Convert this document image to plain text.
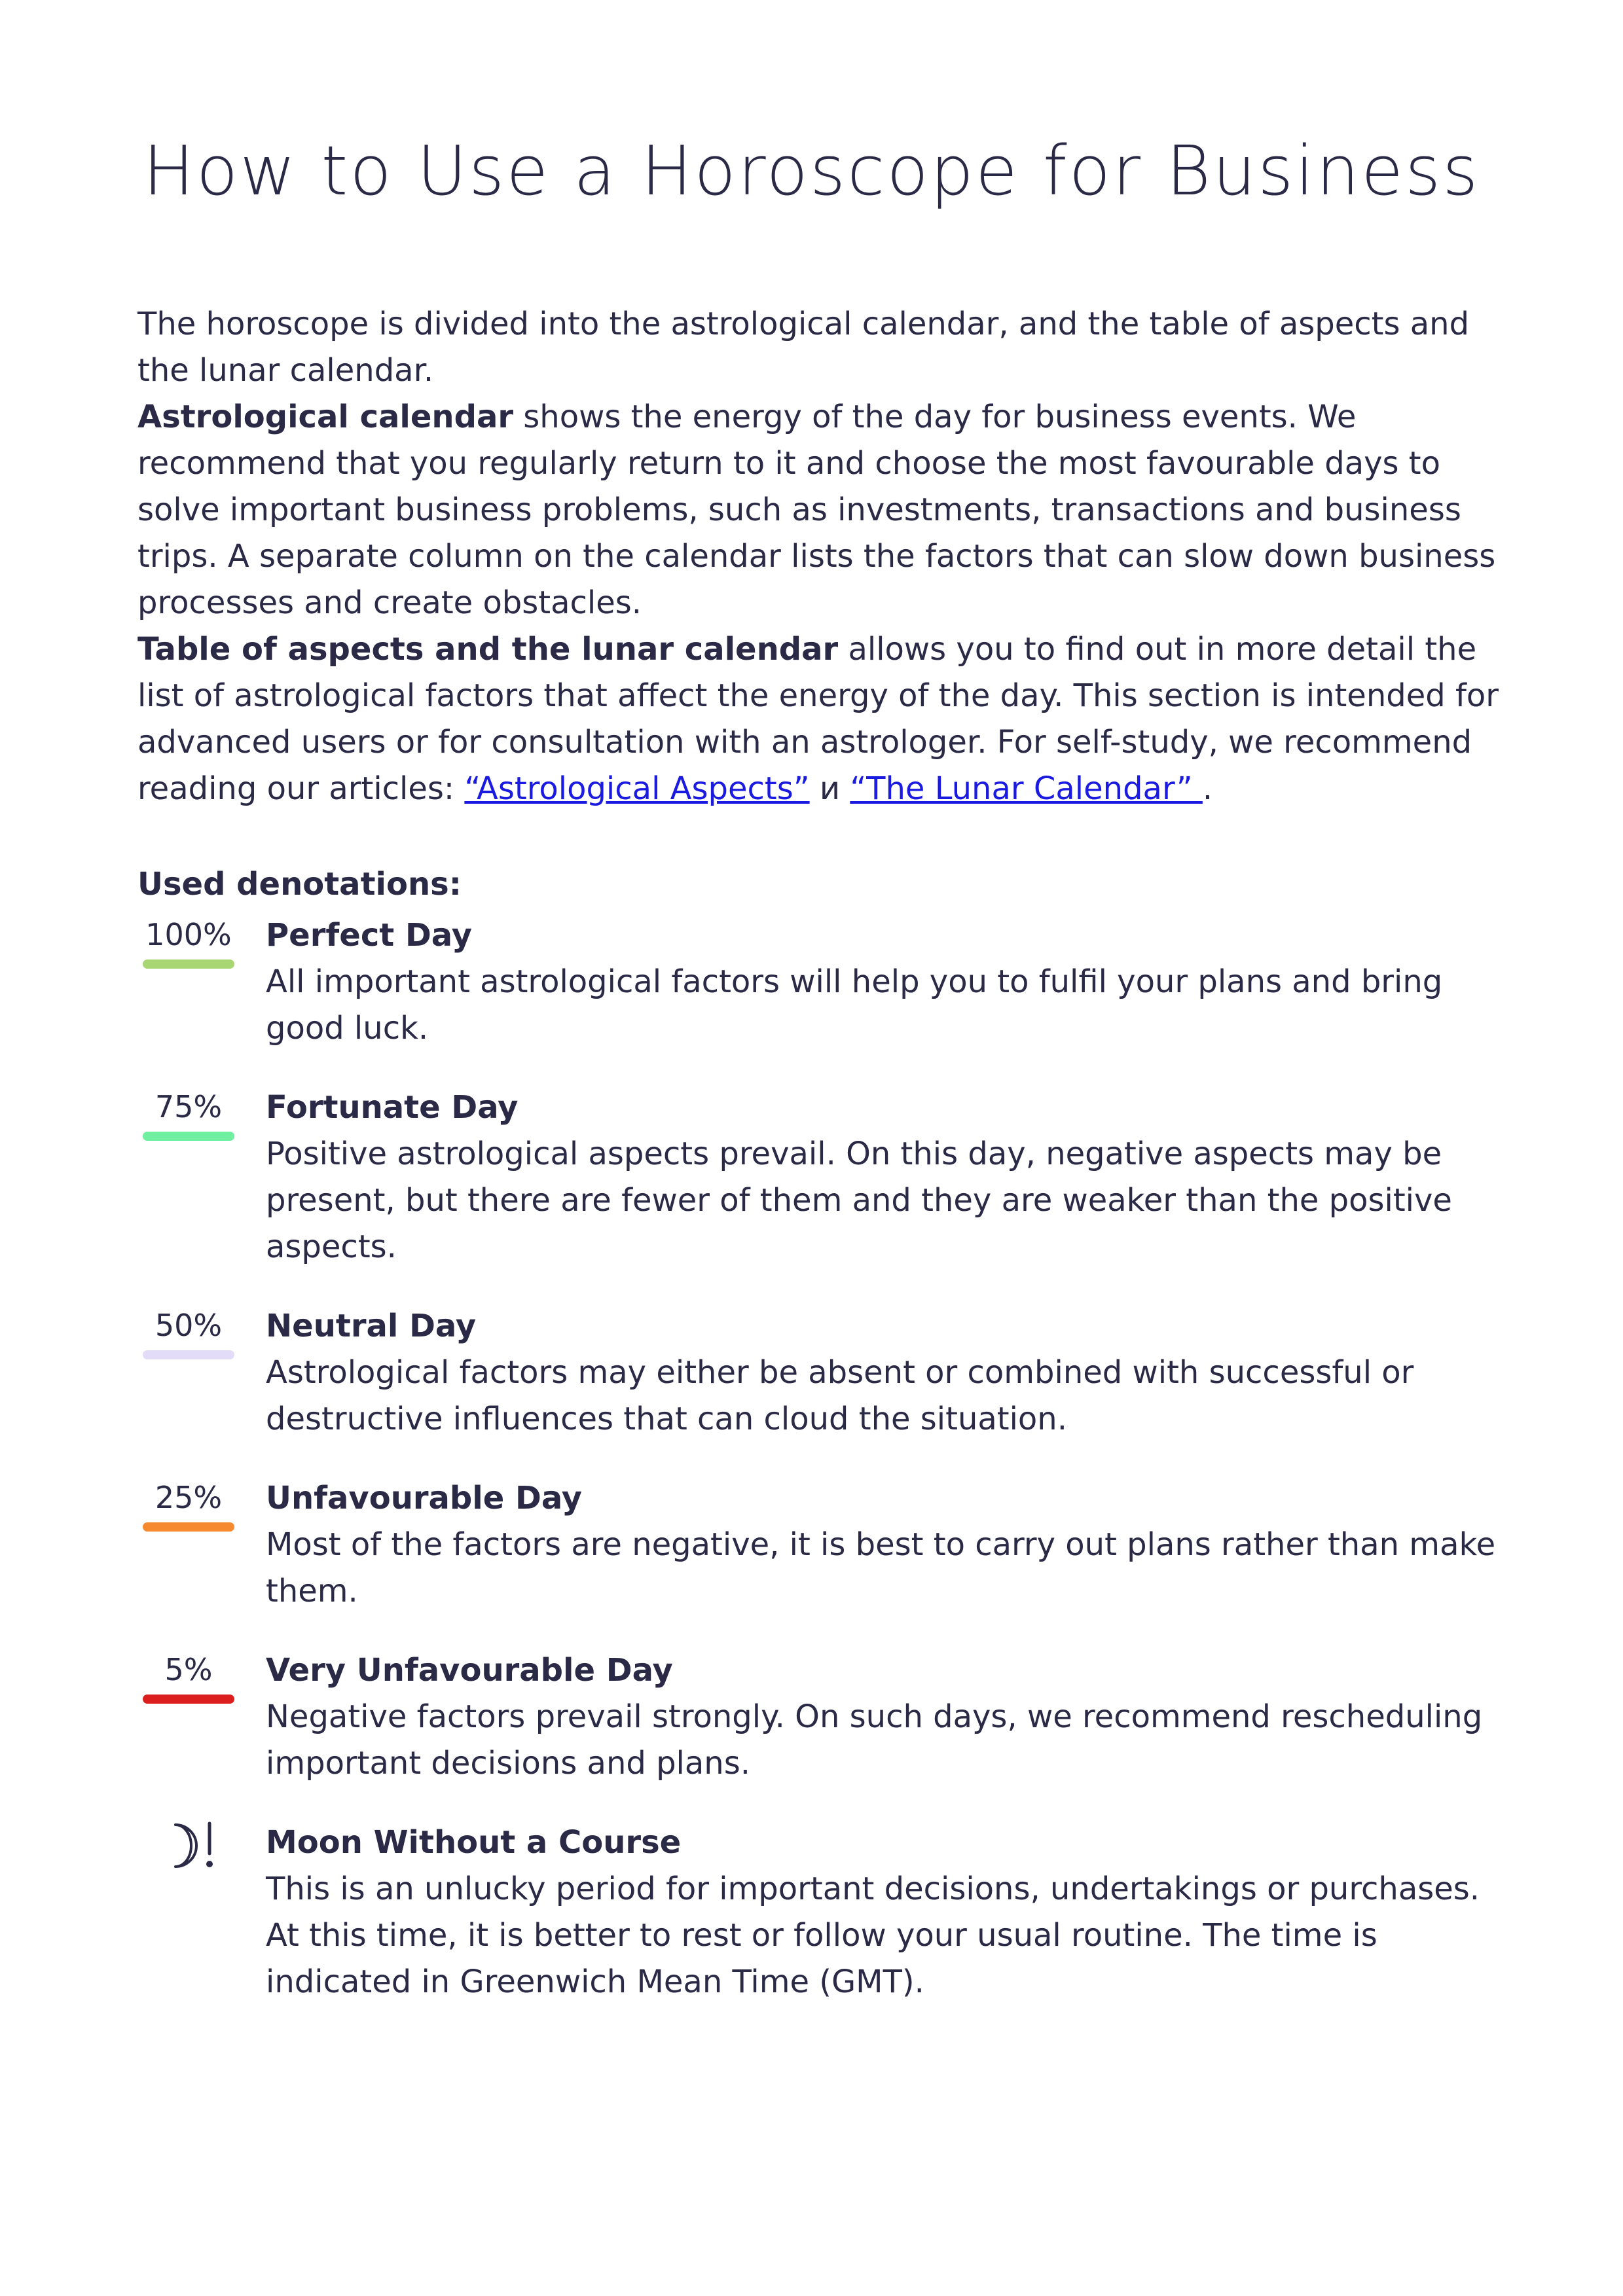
How to Use a Horoscope for Business

The horoscope is divided into the astrological calendar, and the table of aspects and the lunar calendar.

Astrological calendar shows the energy of the day for business events. We recommend that you regularly return to it and choose the most favourable days to solve important business problems, such as investments, transactions and business trips. A separate column on the calendar lists the factors that can slow down business processes and create obstacles.

Table of aspects and the lunar calendar allows you to find out in more detail the list of astrological factors that affect the energy of the day. This section is intended for advanced users or for consultation with an astrologer. For self-study, we recommend reading our articles: “Astrological Aspects” и “The Lunar Calendar” .

Used denotations:

100% Perfect Day
All important astrological factors will help you to fulfil your plans and bring good luck.
75%	Fortunate Day
Positive astrological aspects prevail. On this day, negative aspects may be present, but there are fewer of them and they are weaker than the positive aspects.
50%	Neutral Day
Astrological factors may either be absent or combined with successful or destructive influences that can cloud the situation.
25%	Unfavourable Day
Most of the factors are negative, it is best to carry out plans rather than make them.
5%	Very Unfavourable Day
Negative factors prevail strongly. On such days, we recommend rescheduling important decisions and plans.
Moon Without a Course
This is an unlucky period for important decisions, undertakings or purchases. At this time, it is better to rest or follow your usual routine. The time is indicated in Greenwich Mean Time (GMT).
